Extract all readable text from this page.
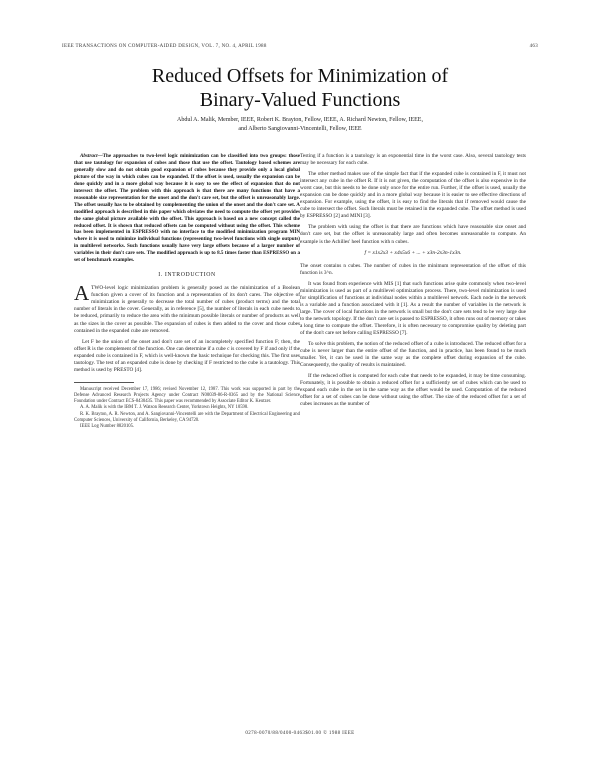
IEEE TRANSACTIONS ON COMPUTER-AIDED DESIGN, VOL. 7, NO. 4, APRIL 1988	463
Reduced Offsets for Minimization of
Binary-Valued Functions
Abdul A. Malik, Member, IEEE, Robert K. Brayton, Fellow, IEEE, A. Richard Newton, Fellow, IEEE,
and Alberto Sangiovanni-Vincentelli, Fellow, IEEE
Abstract—The approaches to two-level logic minimization can be classified into two groups: those that use tautology for expansion of cubes and those that use the offset. Tautology based schemes are generally slow and do not obtain good expansion of cubes because they provide only a local global picture of the way in which cubes can be expanded. If the offset is used, usually the expansion can be done quickly and in a more global way because it is easy to see the effect of expansion that do not intersect the offset. The problem with this approach is that there are many functions that have a reasonable size representation for the onset and the don't care set, but the offset is unreasonably large. The offset usually has to be obtained by complementing the union of the onset and the don't care set. A modified approach is described in this paper which obviates the need to compute the offset yet provides the same global picture available with the offset. This approach is based on a new concept called the reduced offset. It is shown that reduced offsets can be computed without using the offset. This scheme has been implemented in ESPRESSO with no interface to the modified minimization program MIN where it is used to minimize individual functions (representing two-level functions with single outputs) in multilevel networks. Such functions usually have very large offsets because of a larger number of variables in their don't care sets. The modified approach is up to 8.5 times faster than ESPRESSO on a set of benchmark examples.
I. INTRODUCTION

ATWO-level logic minimization problem is generally posed as the minimization of a Boolean function given a cover of its function and a representation of its don't cares. The objective of minimization is generally to decrease the total number of cubes (product terms) and the total number of literals in the cover. Generally, as in reference [5], the number of literals in each cube needs to be reduced, primarily to reduce the area with the minimum possible literals or number of products as well as the sizes in the cover as possible. The expansion of cubes is then added to the cover and those cubes contained in the expanded cube are removed.

Let F be the union of the onset and don't care set of an incompletely specified function F; then, the offset R is the complement of the function. One can determine if a cube c is covered by F if and only if the expanded cube is contained in F, which is well-known the basic technique for checking this. The first uses tautology. The test of an expanded cube is done by checking if F restricted to the cube is a tautology. This method is used by PRESTO [4].

Manuscript received December 17, 1986; revised November 12, 1987. This work was supported in part by the Defense Advanced Research Projects Agency under Contract N00039-86-R-0365 and by the National Science Foundation under Contract ECS-8430435. This paper was recommended by Associate Editor K. Keutzer.
A. A. Malik is with the IBM T. J. Watson Research Center, Yorktown Heights, NY 10598.
R. K. Brayton, A. R. Newton, and A. Sangiovanni-Vincentelli are with the Department of Electrical Engineering and Computer Sciences, University of California, Berkeley, CA 94720.
IEEE Log Number 8820105.

Testing if a function is a tautology is an exponential time in the worst case. Also, several tautology tests may be necessary for each cube.

The other method makes use of the simple fact that if the expanded cube is contained in F, it must not intersect any cube in the offset R. If it is not given, the computation of the offset is also expensive in the worst case, but this needs to be done only once for the entire run. Further, if the offset is used, usually the expansion can be done quickly and in a more global way because it is easier to see effective directions of expansion. For example, using the offset, it is easy to find the literals that if removed would cause the cube to intersect the offset. Such literals must be retained in the expanded cube. The offset method is used by ESPRESSO [2] and MINI [3].

The problem with using the offset is that there are functions which have reasonable size onset and don't care set, but the offset is unreasonably large and often becomes unreasonable to compute. An example is the Achilles' heel function with n cubes.

f = x1x2x3 + x4x5x6 + ... + x3n-2x3n-1x3n.

The onset contains n cubes. The number of cubes in the minimum representation of the offset of this function is 3^n.

It was found from experience with MIS [1] that such functions arise quite commonly when two-level minimization is used as part of a multilevel optimization process. There, two-level minimization is used for simplification of functions at individual nodes within a multilevel network. Each node in the network is a variable and a function associated with it [1]. As a result the number of variables in the network is large. The cover of local functions in the network is small but the don't care sets tend to be very large due to the network topology. If the don't care set is passed to ESPRESSO, it often runs out of memory or takes a long time to compute the offset. Therefore, it is often necessary to compromise quality by deleting part of the don't care set before calling ESPRESSO [7].

To solve this problem, the notion of the reduced offset of a cube is introduced. The reduced offset for a cube is never larger than the entire offset of the function, and in practice, has been found to be much smaller. Yet, it can be used in the same way as the complete offset during expansion of the cube. Consequently, the quality of results is maintained.

If the reduced offset is computed for each cube that needs to be expanded, it may be time consuming. Fortunately, it is possible to obtain a reduced offset for a sufficiently set of cubes which can be used to expand each cube in the set in the same way as the offset would be used. Computation of the reduced offset for a set of cubes can be done without using the offset. The size of the reduced offset for a set of cubes increases as the number of

0278-0070/88/0400-0463$01.00 © 1988 IEEE
